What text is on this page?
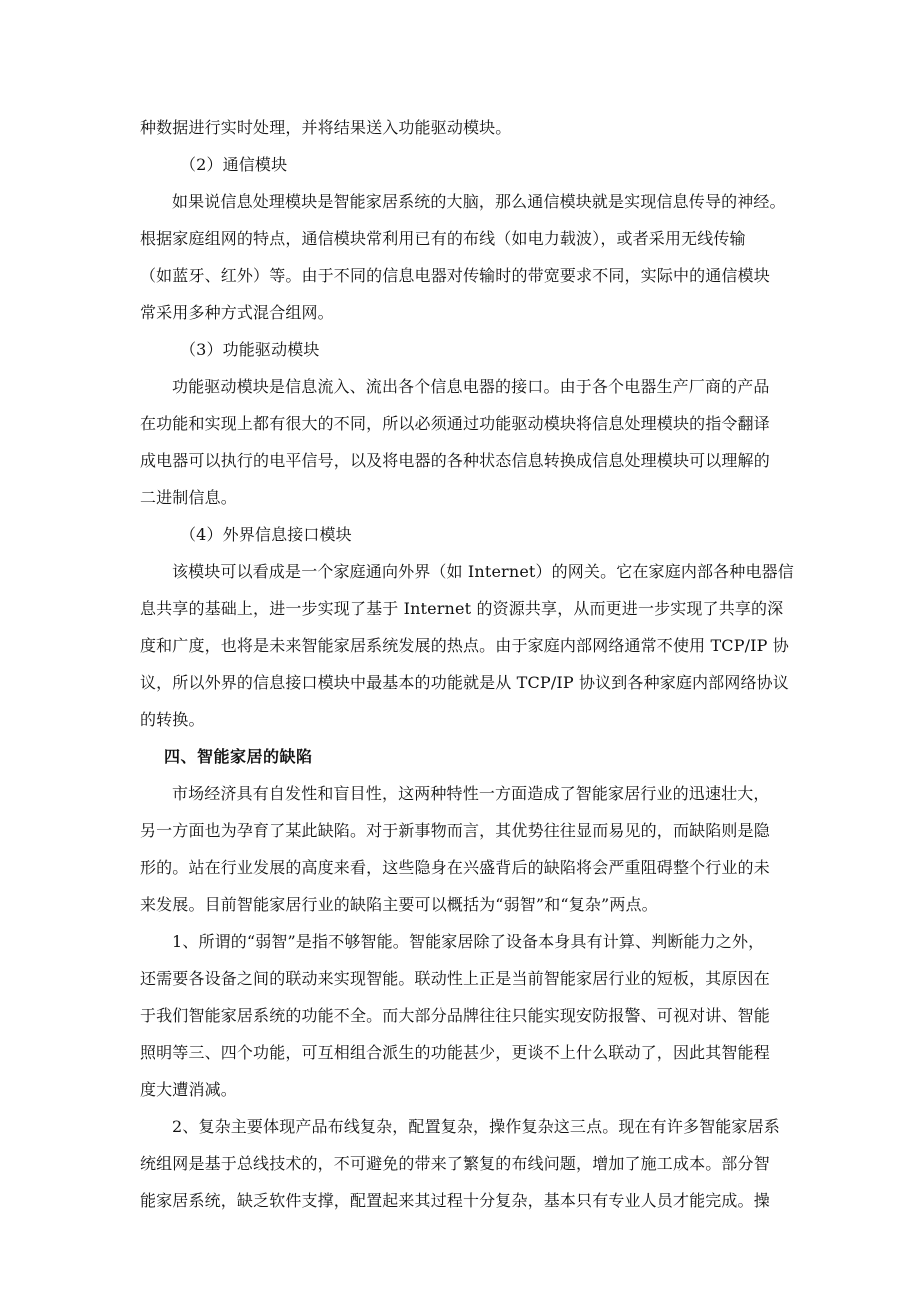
种数据进行实时处理，并将结果送入功能驱动模块。
（2）通信模块
如果说信息处理模块是智能家居系统的大脑，那么通信模块就是实现信息传导的神经。
根据家庭组网的特点，通信模块常利用已有的布线（如电力载波），或者采用无线传输
（如蓝牙、红外）等。由于不同的信息电器对传输时的带宽要求不同，实际中的通信模块
常采用多种方式混合组网。
（3）功能驱动模块
功能驱动模块是信息流入、流出各个信息电器的接口。由于各个电器生产厂商的产品
在功能和实现上都有很大的不同，所以必须通过功能驱动模块将信息处理模块的指令翻译
成电器可以执行的电平信号，以及将电器的各种状态信息转换成信息处理模块可以理解的
二进制信息。
（4）外界信息接口模块
该模块可以看成是一个家庭通向外界（如 Internet）的网关。它在家庭内部各种电器信
息共享的基础上，进一步实现了基于 Internet 的资源共享，从而更进一步实现了共享的深
度和广度，也将是未来智能家居系统发展的热点。由于家庭内部网络通常不使用 TCP/IP 协
议，所以外界的信息接口模块中最基本的功能就是从 TCP/IP 协议到各种家庭内部网络协议
的转换。
四、智能家居的缺陷
市场经济具有自发性和盲目性，这两种特性一方面造成了智能家居行业的迅速壮大，
另一方面也为孕育了某此缺陷。对于新事物而言，其优势往往显而易见的，而缺陷则是隐
形的。站在行业发展的高度来看，这些隐身在兴盛背后的缺陷将会严重阻碍整个行业的未
来发展。目前智能家居行业的缺陷主要可以概括为“弱智”和“复杂”两点。
1、所谓的“弱智”是指不够智能。智能家居除了设备本身具有计算、判断能力之外，
还需要各设备之间的联动来实现智能。联动性上正是当前智能家居行业的短板，其原因在
于我们智能家居系统的功能不全。而大部分品牌往往只能实现安防报警、可视对讲、智能
照明等三、四个功能，可互相组合派生的功能甚少，更谈不上什么联动了，因此其智能程
度大遭消减。
2、复杂主要体现产品布线复杂，配置复杂，操作复杂这三点。现在有许多智能家居系
统组网是基于总线技术的，不可避免的带来了繁复的布线问题，增加了施工成本。部分智
能家居系统，缺乏软件支撑，配置起来其过程十分复杂，基本只有专业人员才能完成。操
